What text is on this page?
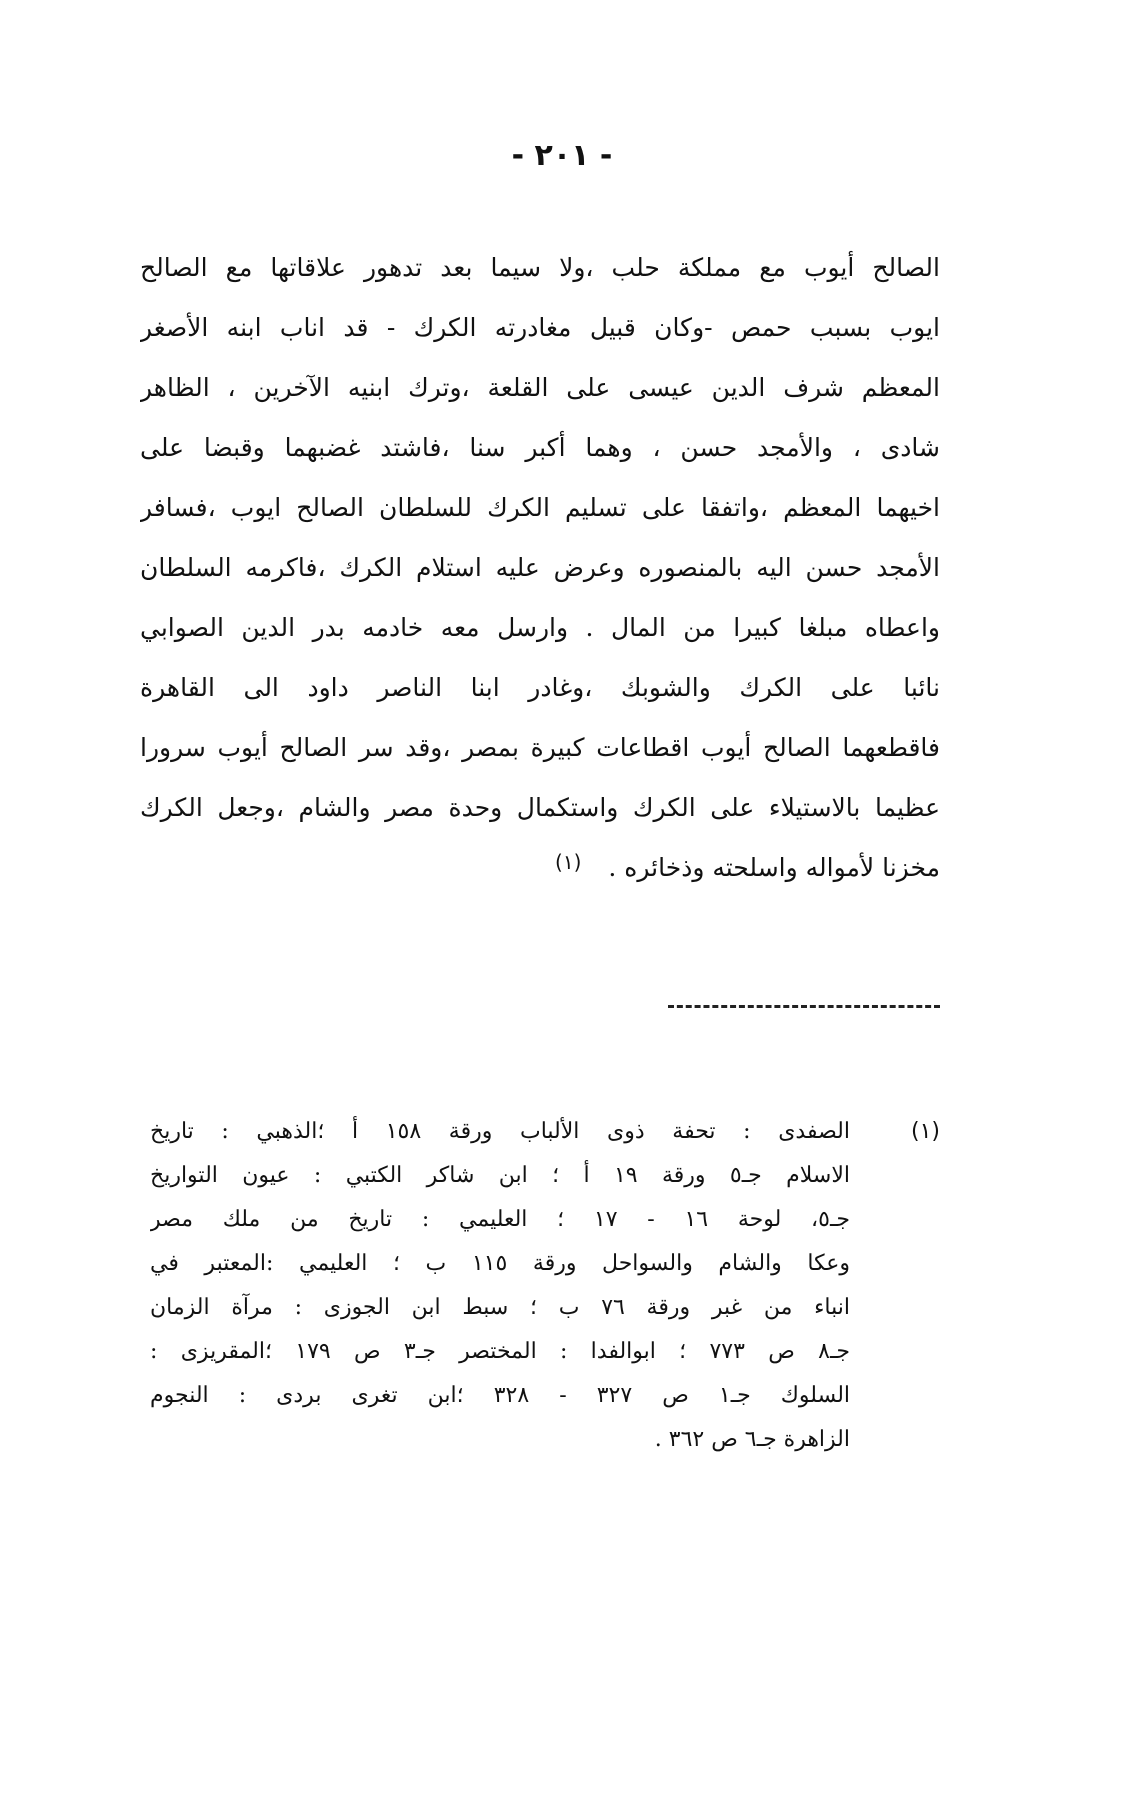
- ٢٠١ -
الصالح أيوب مع مملكة حلب ،ولا سيما بعد تدهور علاقاتها مع الصالح
ايوب بسبب حمص -وكان قبيل مغادرته الكرك - قد اناب ابنه الأصغر
المعظم شرف الدين عيسى على القلعة ،وترك ابنيه الآخرين ، الظاهر
شادى ، والأمجد حسن ، وهما أكبر سنا ،فاشتد غضبهما وقبضا على
اخيهما المعظم ،واتفقا على تسليم الكرك للسلطان الصالح ايوب ،فسافر
الأمجد حسن اليه بالمنصوره وعرض عليه استلام الكرك ،فاكرمه السلطان
واعطاه مبلغا كبيرا من المال . وارسل معه خادمه بدر الدين الصوابي
نائبا على الكرك والشوبك ،وغادر ابنا الناصر داود الى القاهرة
فاقطعهما الصالح أيوب اقطاعات كبيرة بمصر ،وقد سر الصالح أيوب سرورا
عظيما بالاستيلاء على الكرك واستكمال وحدة مصر والشام ،وجعل الكرك
مخزنا لأمواله واسلحته وذخائره .
(١)
(١)
الصفدى : تحفة ذوى الألباب ورقة ١٥٨ أ ؛الذهبي : تاريخ
الاسلام جـ٥ ورقة ١٩ أ ؛ ابن شاكر الكتبي : عيون التواريخ
جـ٥، لوحة ١٦ - ١٧ ؛ العليمي : تاريخ من ملك مصر
وعكا والشام والسواحل ورقة ١١٥ ب ؛ العليمي :المعتبر في
انباء من غبر ورقة ٧٦ ب ؛ سبط ابن الجوزى : مرآة الزمان
جـ٨ ص ٧٧٣ ؛ ابوالفدا : المختصر جـ٣ ص ١٧٩ ؛المقريزى :
السلوك جـ١ ص ٣٢٧ - ٣٢٨ ؛ابن تغرى بردى : النجوم
الزاهرة جـ٦ ص ٣٦٢ .
